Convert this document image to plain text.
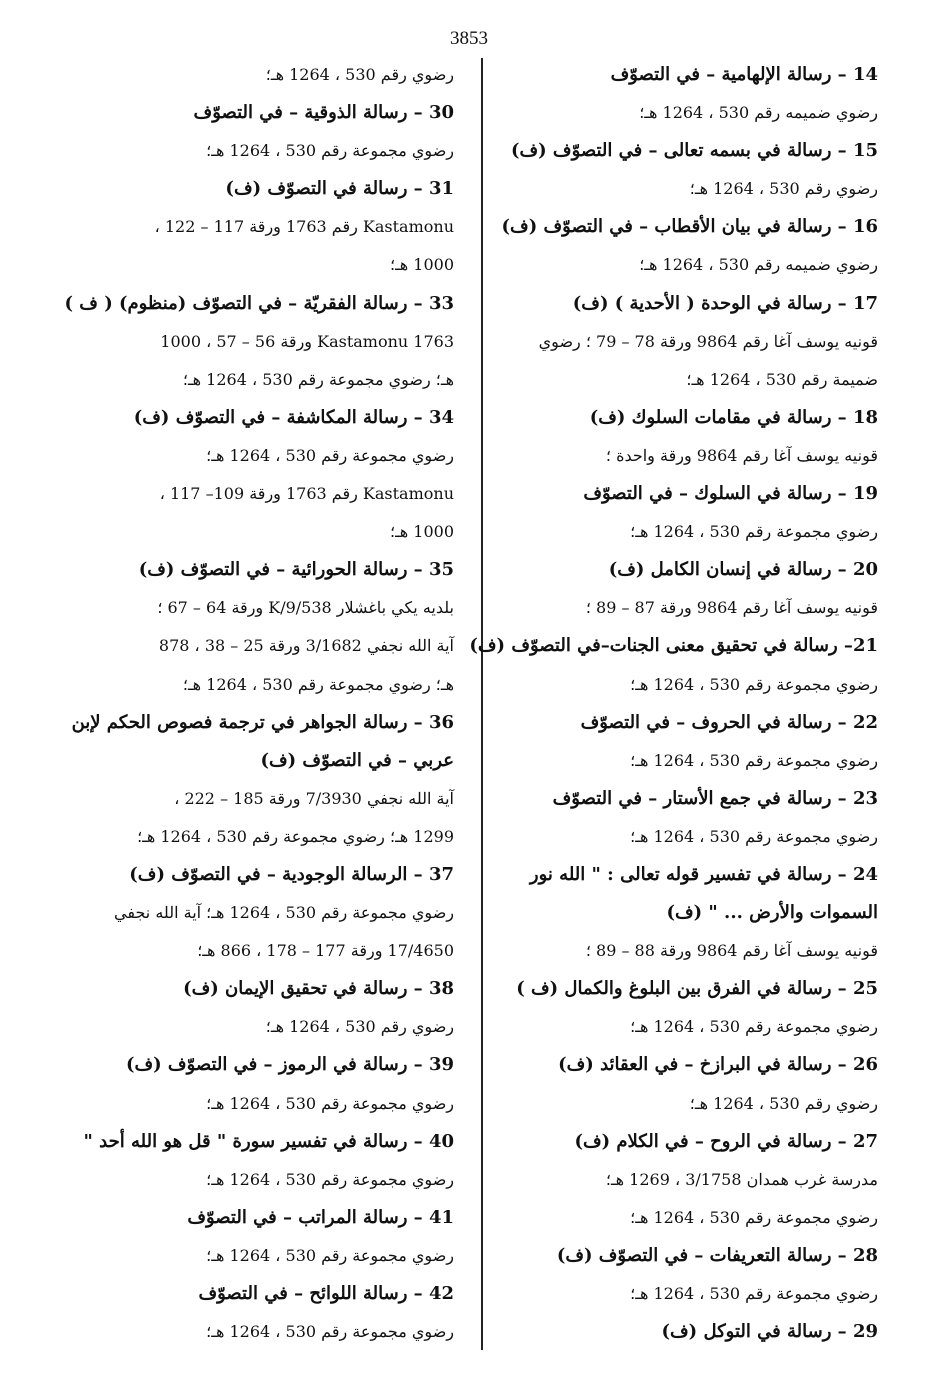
3853
14 – رسالة الإلهامية – في التصوّف
رضوي ضميمه رقم 530 ، 1264 هـ؛
15 – رسالة في بسمه تعالى – في التصوّف (ف)
رضوي رقم 530 ، 1264 هـ؛
16 – رسالة في بيان الأقطاب – في التصوّف (ف)
رضوي ضميمه رقم 530 ، 1264 هـ؛
17 – رسالة في الوحدة ( الأحدية ) (ف)
قونيه يوسف آغا رقم 9864 ورقة 78 – 79 ؛ رضوي
ضميمة رقم 530 ، 1264 هـ؛
18 – رسالة في مقامات السلوك (ف)
قونيه يوسف آغا رقم 9864 ورقة واحدة ؛
19 – رسالة في السلوك – في التصوّف
رضوي مجموعة رقم 530 ، 1264 هـ؛
20 – رسالة في إنسان الكامل (ف)
قونيه يوسف آغا رقم 9864 ورقة 87 – 89 ؛
21– رسالة في تحقيق معنى الجنات–في التصوّف (ف)
رضوي مجموعة رقم 530 ، 1264 هـ؛
22 – رسالة في الحروف – في التصوّف
رضوي مجموعة رقم 530 ، 1264 هـ؛
23 – رسالة في جمع الأستار – في التصوّف
رضوي مجموعة رقم 530 ، 1264 هـ؛
24 – رسالة في تفسير قوله تعالى : " الله نور
السموات والأرض ... " (ف)
قونيه يوسف آغا رقم 9864 ورقة 88 – 89 ؛
25 – رسالة في الفرق بين البلوغ والكمال (ف )
رضوي مجموعة رقم 530 ، 1264 هـ؛
26 – رسالة في البرازخ – في العقائد (ف)
رضوي رقم 530 ، 1264 هـ؛
27 – رسالة في الروح – في الكلام (ف)
مدرسة غرب همدان 3/1758 ، 1269 هـ؛
رضوي مجموعة رقم 530 ، 1264 هـ؛
28 – رسالة التعريفات – في التصوّف (ف)
رضوي مجموعة رقم 530 ، 1264 هـ؛
29 – رسالة في التوكل (ف)
رضوي رقم 530 ، 1264 هـ؛
30 – رسالة الذوقية – في التصوّف
رضوي مجموعة رقم 530 ، 1264 هـ؛
31 – رسالة في التصوّف (ف)
Kastamonu رقم 1763 ورقة 117 – 122 ،
1000 هـ؛
33 – رسالة الفقريّة – في التصوّف (منظوم) ( ف )
Kastamonu 1763 ورقة 56 – 57 ، 1000
هـ؛ رضوي مجموعة رقم 530 ، 1264 هـ؛
34 – رسالة المكاشفة – في التصوّف (ف)
رضوي مجموعة رقم 530 ، 1264 هـ؛
Kastamonu رقم 1763 ورقة 109– 117 ،
1000 هـ؛
35 – رسالة الحورائية – في التصوّف (ف)
بلديه يكي باغشلار 9/538/K ورقة 64 – 67 ؛
آية الله نجفي 3/1682 ورقة 25 – 38 ، 878
هـ؛ رضوي مجموعة رقم 530 ، 1264 هـ؛
36 – رسالة الجواهر في ترجمة فصوص الحكم لإبن
عربي – في التصوّف (ف)
آية الله نجفي 7/3930 ورقة 185 – 222 ،
1299 هـ؛ رضوي مجموعة رقم 530 ، 1264 هـ؛
37 – الرسالة الوجودية – في التصوّف (ف)
رضوي مجموعة رقم 530 ، 1264 هـ؛ آية الله نجفي
17/4650 ورقة 177 – 178 ، 866 هـ؛
38 – رسالة في تحقيق الإيمان (ف)
رضوي رقم 530 ، 1264 هـ؛
39 – رسالة في الرموز – في التصوّف (ف)
رضوي مجموعة رقم 530 ، 1264 هـ؛
40 – رسالة في تفسير سورة " قل هو الله أحد "
رضوي مجموعة رقم 530 ، 1264 هـ؛
41 – رسالة المراتب – في التصوّف
رضوي مجموعة رقم 530 ، 1264 هـ؛
42 – رسالة اللوائح – في التصوّف
رضوي مجموعة رقم 530 ، 1264 هـ؛
